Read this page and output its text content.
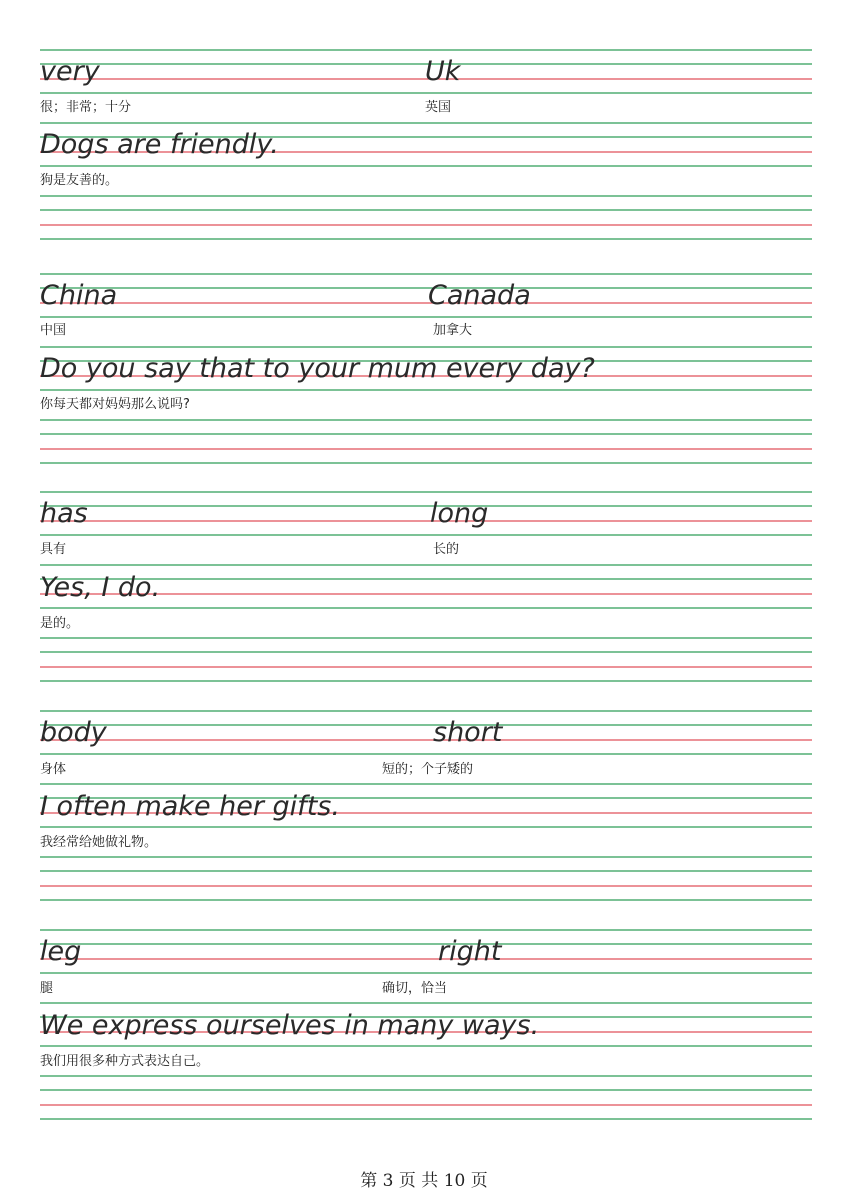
very	Uk
很；非常；十分	英国
Dogs are friendly.
狗是友善的。
China	Canada
中国	加拿大
Do you say that to your mum every day?
你每天都对妈妈那么说吗?
has	long
具有	长的
Yes, I do.
是的。
body	short
身体	短的；个子矮的
I often make her gifts.
我经常给她做礼物。
leg	right
腿	确切，恰当
We express ourselves in many ways.
我们用很多种方式表达自己。
第 3 页 共 10 页
